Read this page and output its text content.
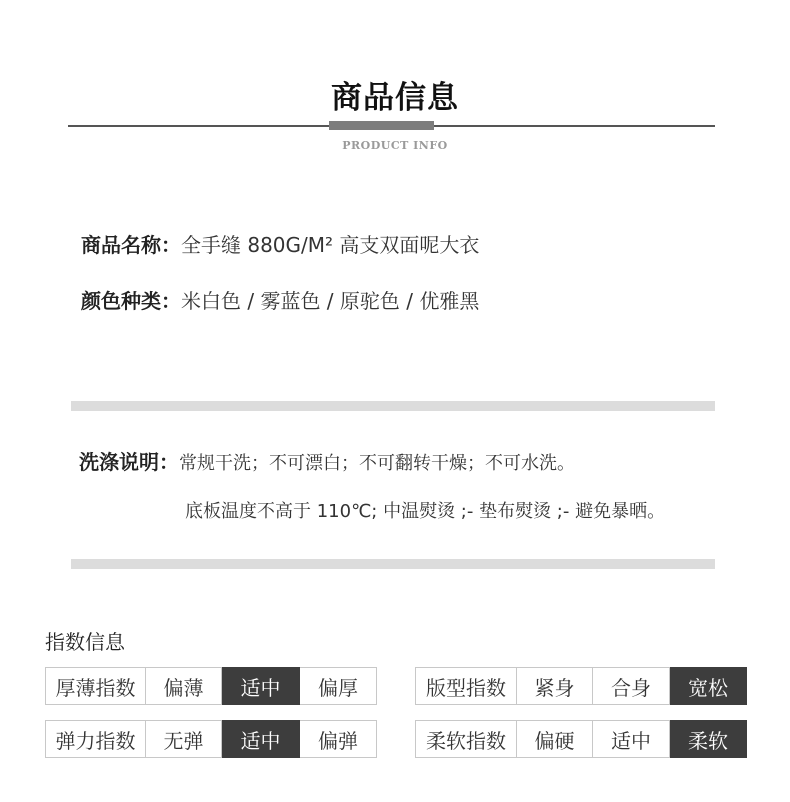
商品信息
PRODUCT INFO
商品名称：全手缝 880G/M² 高支双面呢大衣
颜色种类：米白色 / 雾蓝色 / 原驼色 / 优雅黑
洗涤说明：常规干洗；不可漂白；不可翻转干燥；不可水洗。
底板温度不高于 110℃; 中温熨烫 ;- 垫布熨烫 ;- 避免暴晒。
指数信息
厚薄指数	偏薄	适中	偏厚	版型指数	紧身	合身	宽松
弹力指数	无弹	适中	偏弹	柔软指数	偏硬	适中	柔软
